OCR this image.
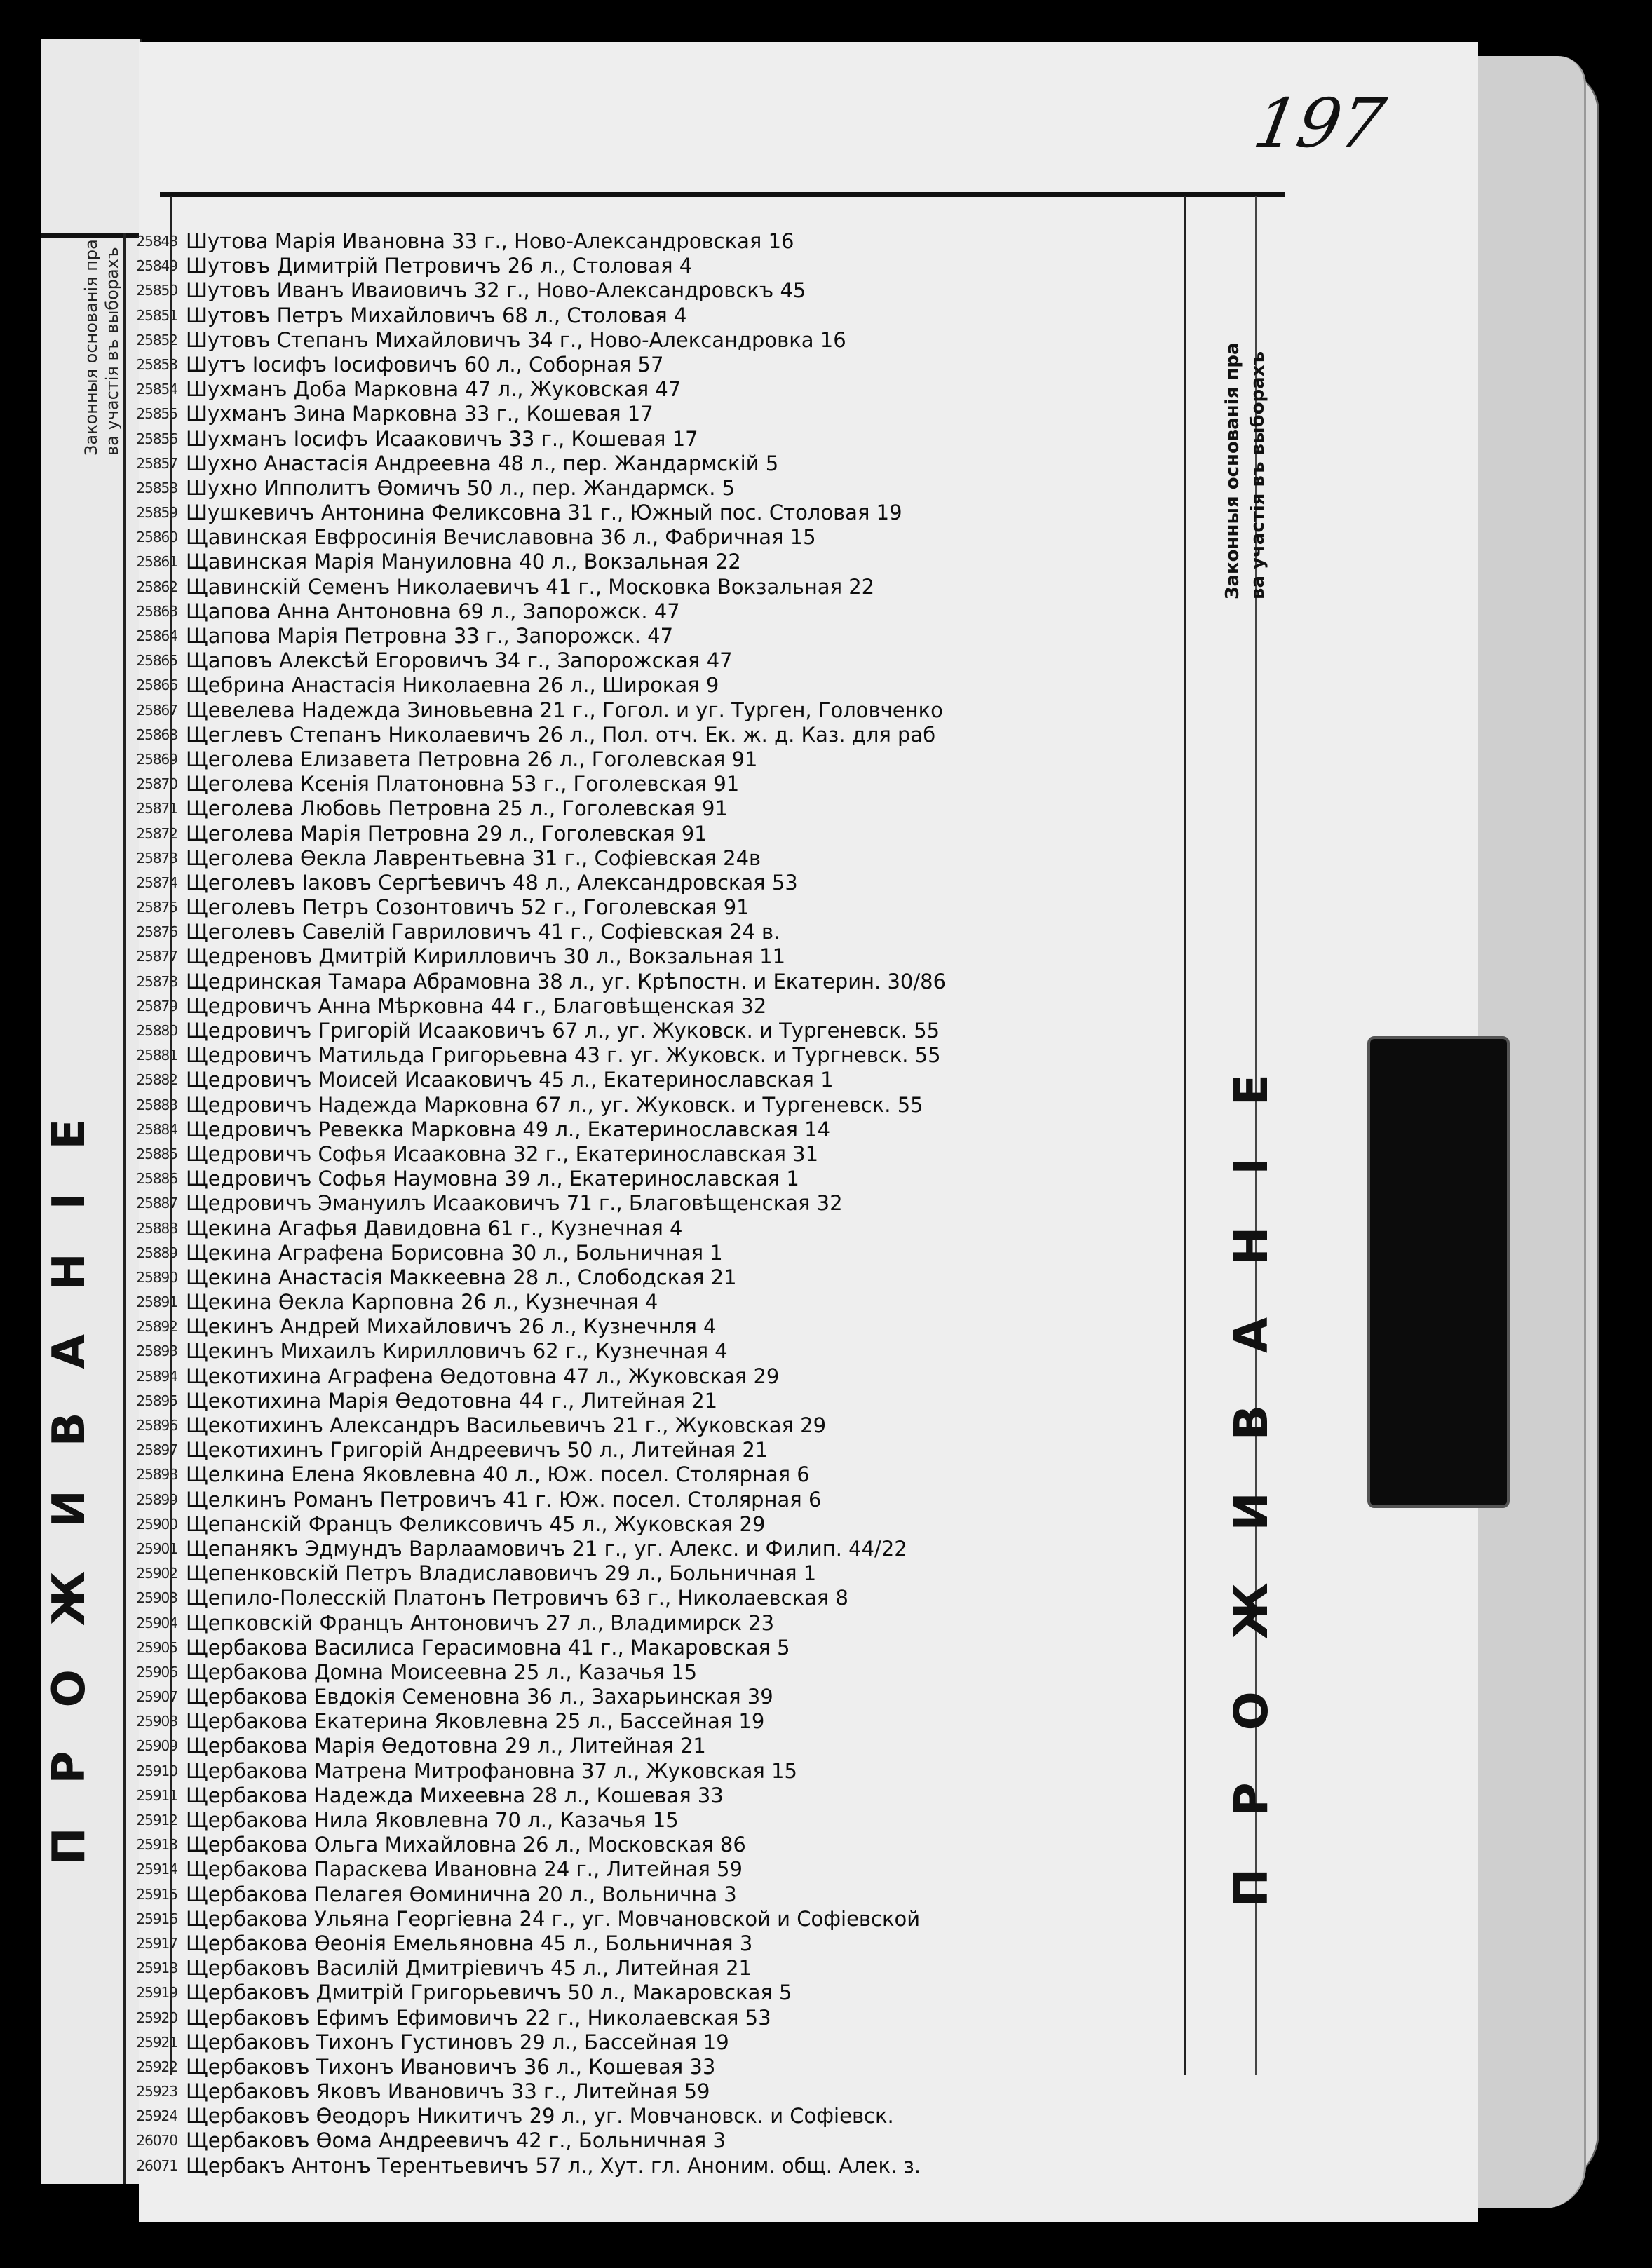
Законныя основанія пра ва участія въ выборахъ
ПРОЖИВАНІЕ
197
Законныя основанія пра ва участія въ выборахъ
ПРОЖИВАНІЕ
25848 Шутова Марія Ивановна 33 г., Ново-Александровская 16
25849 Шутовъ Димитрій Петровичъ 26 л., Столовая 4
25850 Шутовъ Иванъ Иваиовичъ 32 г., Ново-Александровскъ 45
25851 Шутовъ Петръ Михайловичъ 68 л., Столовая 4
25852 Шутовъ Степанъ Михайловичъ 34 г., Ново-Александровка 16
25853 Шутъ Іосифъ Іосифовичъ 60 л., Соборная 57
25854 Шухманъ Доба Марковна 47 л., Жуковская 47
25855 Шухманъ Зина Марковна 33 г., Кошевая 17
25856 Шухманъ Іосифъ Исааковичъ 33 г., Кошевая 17
25857 Шухно Анастасія Андреевна 48 л., пер. Жандармскій 5
25858 Шухно Ипполитъ Ѳомичъ 50 л., пер. Жандармск. 5
25859 Шушкевичъ Антонина Феликсовна 31 г., Южный пос. Столовая 19
25860 Щавинская Евфросинія Вечиславовна 36 л., Фабричная 15
25861 Щавинская Марія Мануиловна 40 л., Вокзальная 22
25862 Щавинскій Семенъ Николаевичъ 41 г., Московка Вокзальная 22
25863 Щапова Анна Антоновна 69 л., Запорожск. 47
25864 Щапова Марія Петровна 33 г., Запорожск. 47
25865 Щаповъ Алексѣй Егоровичъ 34 г., Запорожская 47
25866 Щебрина Анастасія Николаевна 26 л., Широкая 9
25867 Щевелева Надежда Зиновьевна 21 г., Гогол. и уг. Турген, Головченко
25868 Щеглевъ Степанъ Николаевичъ 26 л., Пол. отч. Ек. ж. д. Каз. для раб
25869 Щеголева Елизавета Петровна 26 л., Гоголевская 91
25870 Щеголева Ксенія Платоновна 53 г., Гоголевская 91
25871 Щеголева Любовь Петровна 25 л., Гоголевская 91
25872 Щеголева Марія Петровна 29 л., Гоголевская 91
25873 Щеголева Ѳекла Лаврентьевна 31 г., Софіевская 24в
25874 Щеголевъ Іаковъ Сергѣевичъ 48 л., Александровская 53
25875 Щеголевъ Петръ Созонтовичъ 52 г., Гоголевская 91
25876 Щеголевъ Савелій Гавриловичъ 41 г., Софіевская 24 в.
25877 Щедреновъ Дмитрій Кирилловичъ 30 л., Вокзальная 11
25878 Щедринская Тамара Абрамовна 38 л., уг. Крѣпостн. и Екатерин. 30/86
25879 Щедровичъ Анна Мѣрковна 44 г., Благовѣщенская 32
25880 Щедровичъ Григорій Исааковичъ 67 л., уг. Жуковск. и Тургеневск. 55
25881 Щедровичъ Матильда Григорьевна 43 г. уг. Жуковск. и Тургневск. 55
25882 Щедровичъ Моисей Исааковичъ 45 л., Екатеринославская 1
25883 Щедровичъ Надежда Марковна 67 л., уг. Жуковск. и Тургеневск. 55
25884 Щедровичъ Ревекка Марковна 49 л., Екатеринославская 14
25885 Щедровичъ Софья Исааковна 32 г., Екатеринославская 31
25886 Щедровичъ Софья Наумовна 39 л., Екатеринославская 1
25887 Щедровичъ Эмануилъ Исааковичъ 71 г., Благовѣщенская 32
25888 Щекина Агафья Давидовна 61 г., Кузнечная 4
25889 Щекина Аграфена Борисовна 30 л., Больничная 1
25890 Щекина Анастасія Маккеевна 28 л., Слободская 21
25891 Щекина Ѳекла Карповна 26 л., Кузнечная 4
25892 Щекинъ Андрей Михайловичъ 26 л., Кузнечнля 4
25893 Щекинъ Михаилъ Кирилловичъ 62 г., Кузнечная 4
25894 Щекотихина Аграфена Ѳедотовна 47 л., Жуковская 29
25895 Щекотихина Марія Ѳедотовна 44 г., Литейная 21
25896 Щекотихинъ Александръ Васильевичъ 21 г., Жуковская 29
25897 Щекотихинъ Григорій Андреевичъ 50 л., Литейная 21
25898 Щелкина Елена Яковлевна 40 л., Юж. посел. Столярная 6
25899 Щелкинъ Романъ Петровичъ 41 г. Юж. посел. Столярная 6
25900 Щепанскій Францъ Феликсовичъ 45 л., Жуковская 29
25901 Щепанякъ Эдмундъ Варлаамовичъ 21 г., уг. Алекс. и Филип. 44/22
25902 Щепенковскій Петръ Владиславовичъ 29 л., Больничная 1
25903 Щепило-Полесскій Платонъ Петровичъ 63 г., Николаевская 8
25904 Щепковскій Францъ Антоновичъ 27 л., Владимирск 23
25905 Щербакова Василиса Герасимовна 41 г., Макаровская 5
25906 Щербакова Домна Моисеевна 25 л., Казачья 15
25907 Щербакова Евдокія Семеновна 36 л., Захарьинская 39
25908 Щербакова Екатерина Яковлевна 25 л., Бассейная 19
25909 Щербакова Марія Ѳедотовна 29 л., Литейная 21
25910 Щербакова Матрена Митрофановна 37 л., Жуковская 15
25911 Щербакова Надежда Михеевна 28 л., Кошевая 33
25912 Щербакова Нила Яковлевна 70 л., Казачья 15
25913 Щербакова Ольга Михайловна 26 л., Московская 86
25914 Щербакова Параскева Ивановна 24 г., Литейная 59
25915 Щербакова Пелагея Ѳоминична 20 л., Вольнична 3
25916 Щербакова Ульяна Георгіевна 24 г., уг. Мовчановской и Софіевской
25917 Щербакова Ѳеонія Емельяновна 45 л., Больничная 3
25918 Щербаковъ Василій Дмитріевичъ 45 л., Литейная 21
25919 Щербаковъ Дмитрій Григорьевичъ 50 л., Макаровская 5
25920 Щербаковъ Ефимъ Ефимовичъ 22 г., Николаевская 53
25921 Щербаковъ Тихонъ Густиновъ 29 л., Бассейная 19
25922 Щербаковъ Тихонъ Ивановичъ 36 л., Кошевая 33
25923 Щербаковъ Яковъ Ивановичъ 33 г., Литейная 59
25924 Щербаковъ Ѳеодоръ Никитичъ 29 л., уг. Мовчановск. и Софіевск.
26070 Щербаковъ Ѳома Андреевичъ 42 г., Больничная 3
26071 Щербакъ Антонъ Терентьевичъ 57 л., Хут. гл. Аноним. общ. Алек. з.
